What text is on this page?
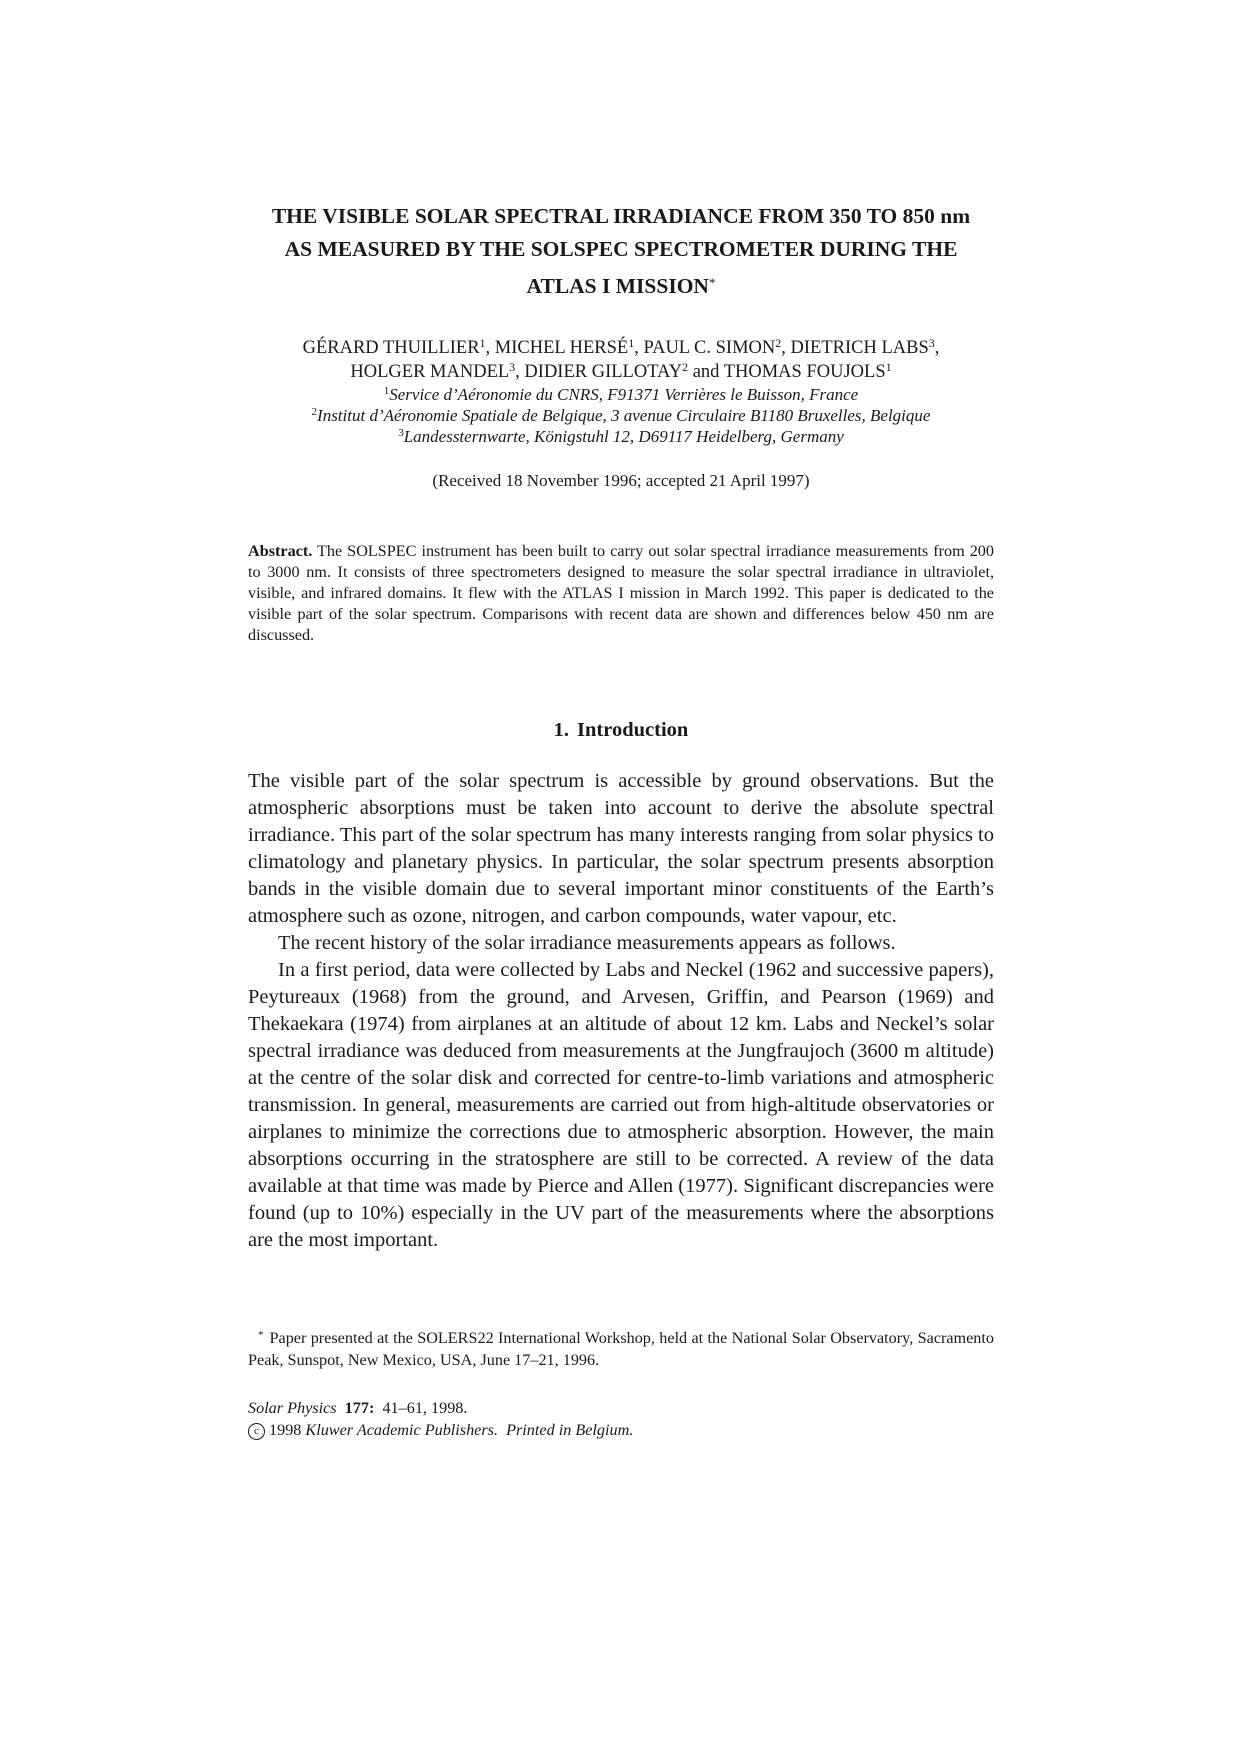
THE VISIBLE SOLAR SPECTRAL IRRADIANCE FROM 350 TO 850 nm
AS MEASURED BY THE SOLSPEC SPECTROMETER DURING THE
ATLAS I MISSION*
GÉRARD THUILLIER$^1$, MICHEL HERSÉ$^1$, PAUL C. SIMON$^2$, DIETRICH LABS$^3$,
HOLGER MANDEL$^3$, DIDIER GILLOTAY$^2$ and THOMAS FOUJOLS$^1$
$^1$Service d’Aéronomie du CNRS, F91371 Verrières le Buisson, France
$^2$Institut d’Aéronomie Spatiale de Belgique, 3 avenue Circulaire B1180 Bruxelles, Belgique
$^3$Landessternwarte, Königstuhl 12, D69117 Heidelberg, Germany
(Received 18 November 1996; accepted 21 April 1997)

Abstract. The SOLSPEC instrument has been built to carry out solar spectral irradiance measurements from 200 to 3000 nm. It consists of three spectrometers designed to measure the solar spectral irradiance in ultraviolet, visible, and infrared domains. It flew with the ATLAS I mission in March 1992. This paper is dedicated to the visible part of the solar spectrum. Comparisons with recent data are shown and differences below 450 nm are discussed.

1. Introduction

The visible part of the solar spectrum is accessible by ground observations. But the atmospheric absorptions must be taken into account to derive the absolute spectral irradiance. This part of the solar spectrum has many interests ranging from solar physics to climatology and planetary physics. In particular, the solar spectrum presents absorption bands in the visible domain due to several important minor constituents of the Earth’s atmosphere such as ozone, nitrogen, and carbon compounds, water vapour, etc.

The recent history of the solar irradiance measurements appears as follows.

In a first period, data were collected by Labs and Neckel (1962 and successive papers), Peytureaux (1968) from the ground, and Arvesen, Griffin, and Pearson (1969) and Thekaekara (1974) from airplanes at an altitude of about 12 km. Labs and Neckel’s solar spectral irradiance was deduced from measurements at the Jungfraujoch (3600 m altitude) at the centre of the solar disk and corrected for centre-to-limb variations and atmospheric transmission. In general, measurements are carried out from high-altitude observatories or airplanes to minimize the corrections due to atmospheric absorption. However, the main absorptions occurring in the stratosphere are still to be corrected. A review of the data available at that time was made by Pierce and Allen (1977). Significant discrepancies were found (up to 10%) especially in the UV part of the measurements where the absorptions are the most important.

* Paper presented at the SOLERS22 International Workshop, held at the National Solar Observatory, Sacramento Peak, Sunspot, New Mexico, USA, June 17–21, 1996.

Solar Physics 177: 41–61, 1998.
c 1998 Kluwer Academic Publishers. Printed in Belgium.
